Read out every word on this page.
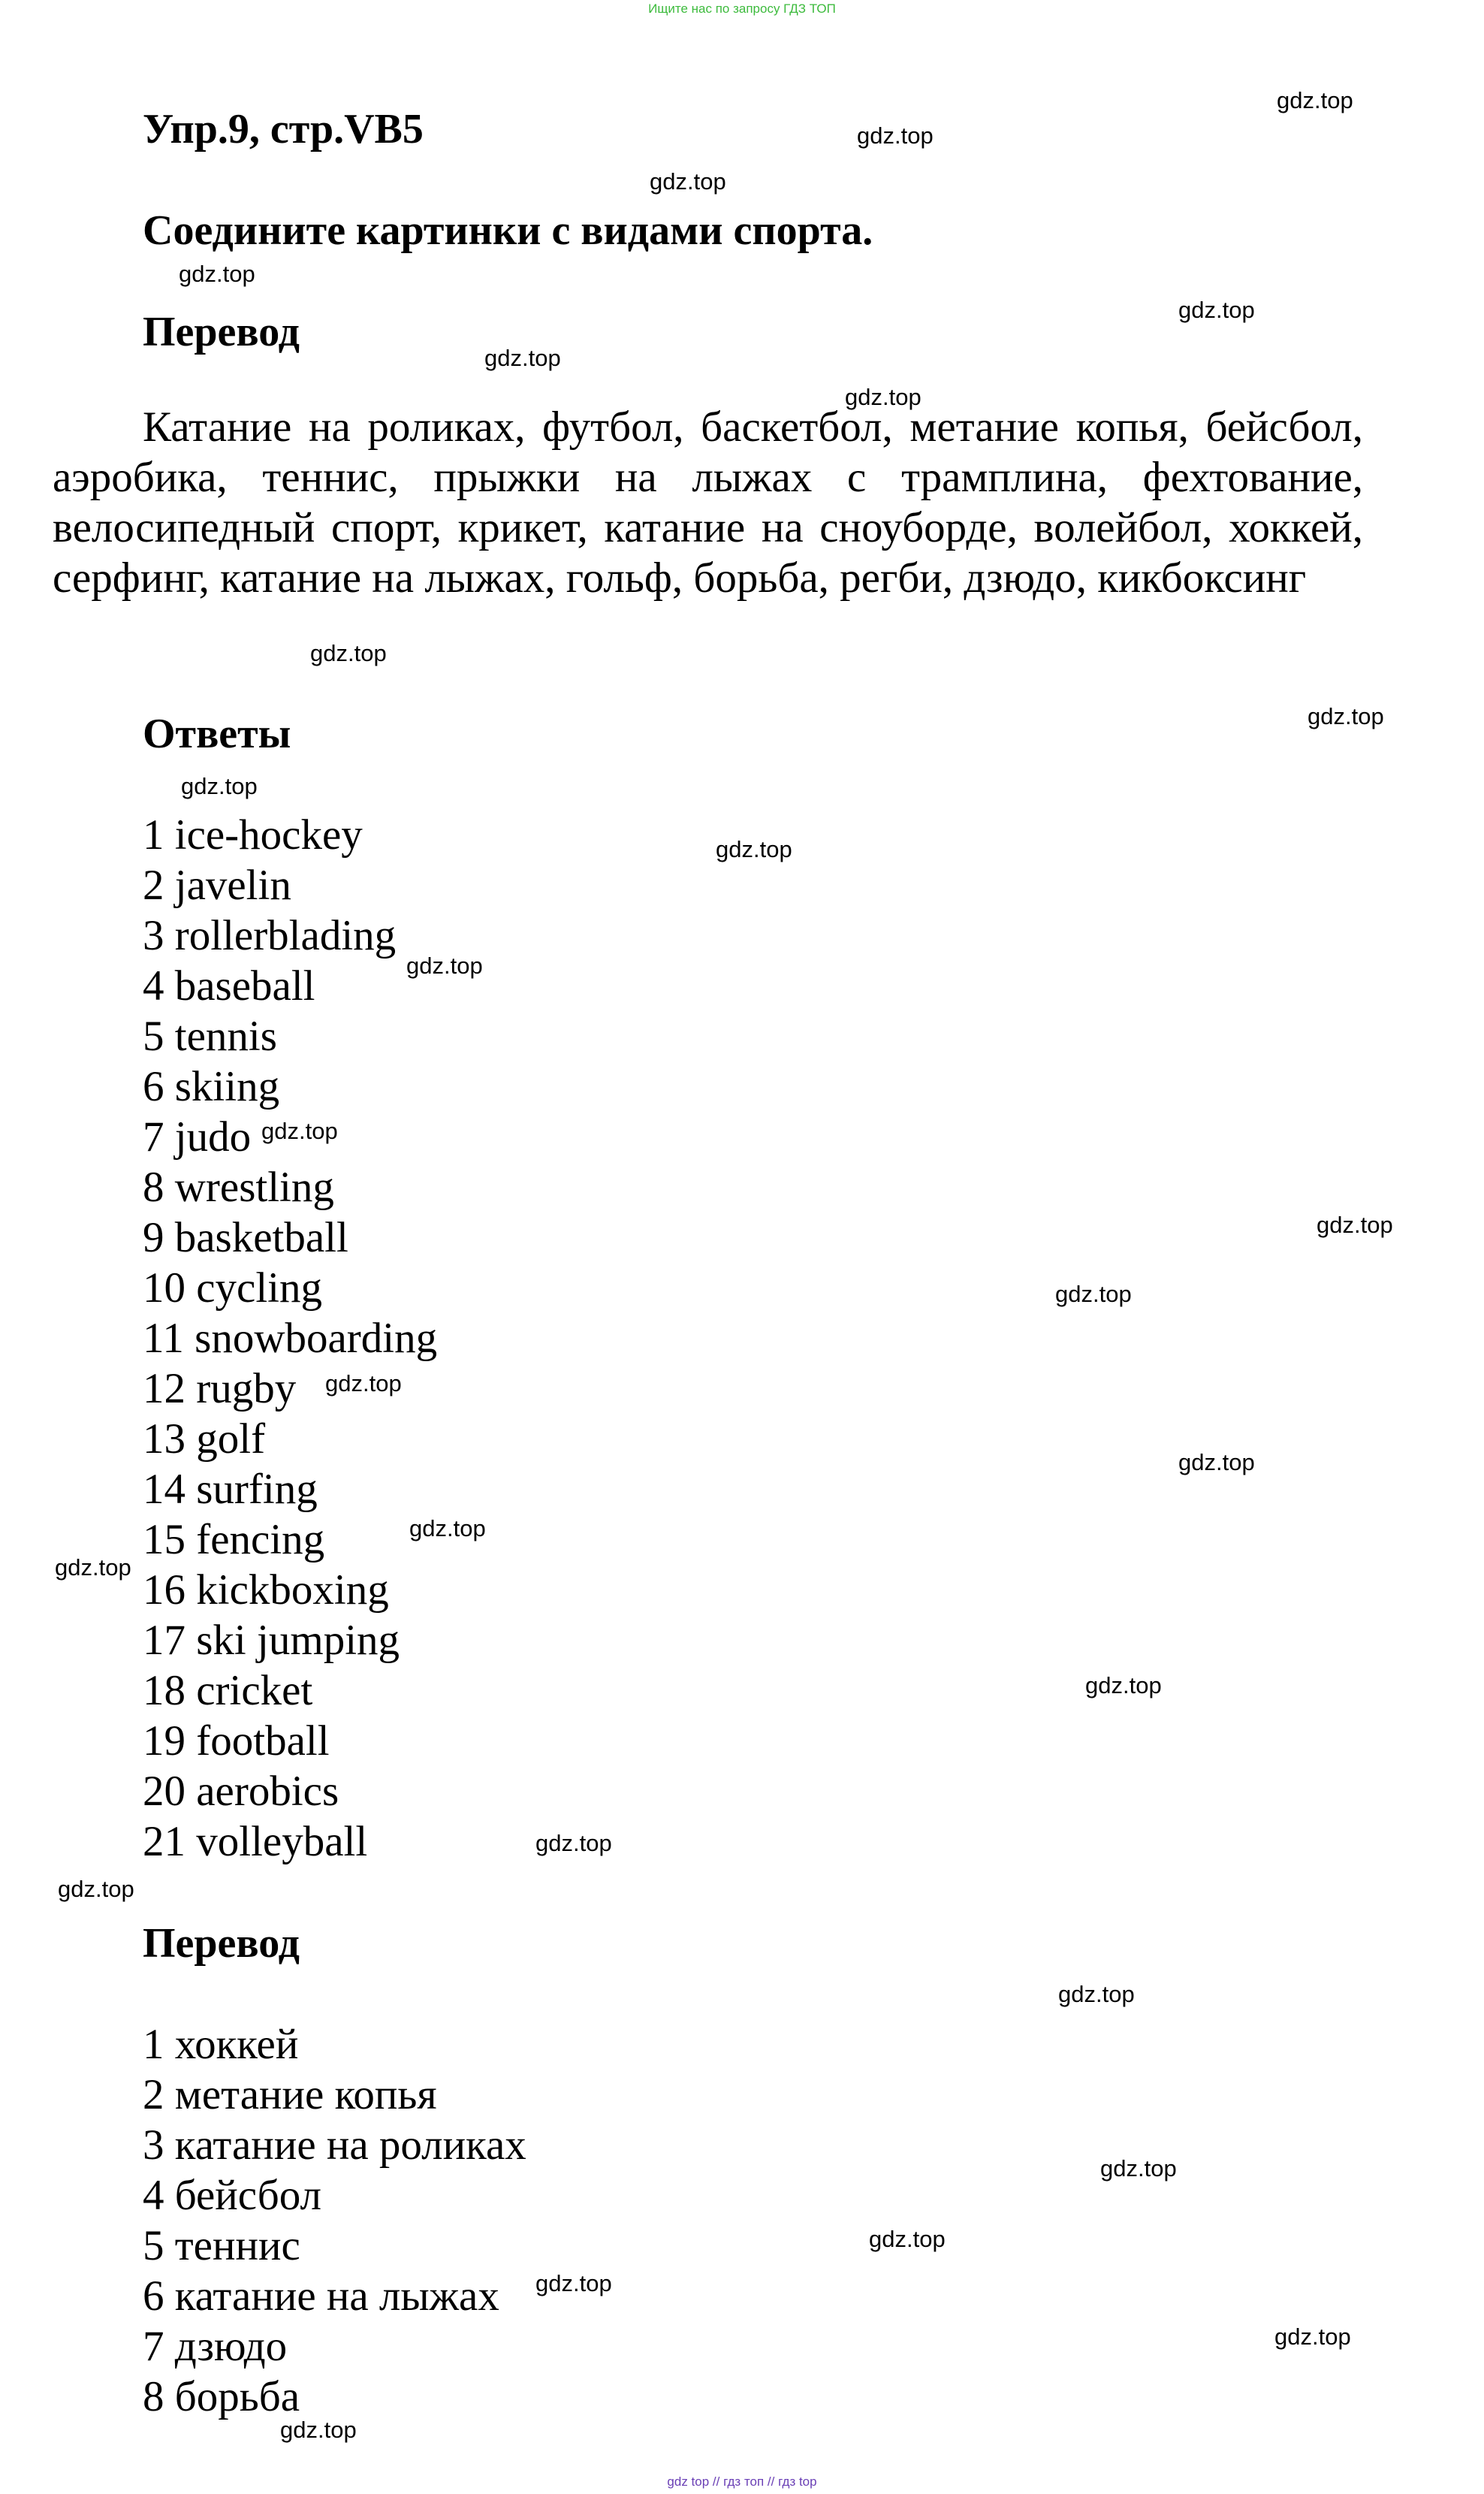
Ищите нас по запросу ГДЗ ТОП
Упр.9, стр.VB5
Соедините картинки с видами спорта.
Перевод
Катание на роликах, футбол, баскетбол, метание копья, бейсбол, аэробика, теннис, прыжки на лыжах с трамплина, фехтование, велосипедный спорт, крикет, катание на сноуборде, волейбол, хоккей, серфинг, катание на лыжах, гольф, борьба, регби, дзюдо, кикбоксинг
Ответы
1 ice-hockey
2 javelin
3 rollerblading
4 baseball
5 tennis
6 skiing
7 judo
8 wrestling
9 basketball
10 cycling
11 snowboarding
12 rugby
13 golf
14 surfing
15 fencing
16 kickboxing
17 ski jumping
18 cricket
19 football
20 aerobics
21 volleyball
Перевод
1 хоккей
2 метание копья
3 катание на роликах
4 бейсбол
5 теннис
6 катание на лыжах
7 дзюдо
8 борьба
gdz.top
gdz.top
gdz.top
gdz.top
gdz.top
gdz.top
gdz.top
gdz.top
gdz.top
gdz.top
gdz.top
gdz.top
gdz.top
gdz.top
gdz.top
gdz.top
gdz.top
gdz.top
gdz.top
gdz.top
gdz.top
gdz.top
gdz.top
gdz.top
gdz.top
gdz.top
gdz.top
gdz.top
gdz top // гдз топ // гдз top
